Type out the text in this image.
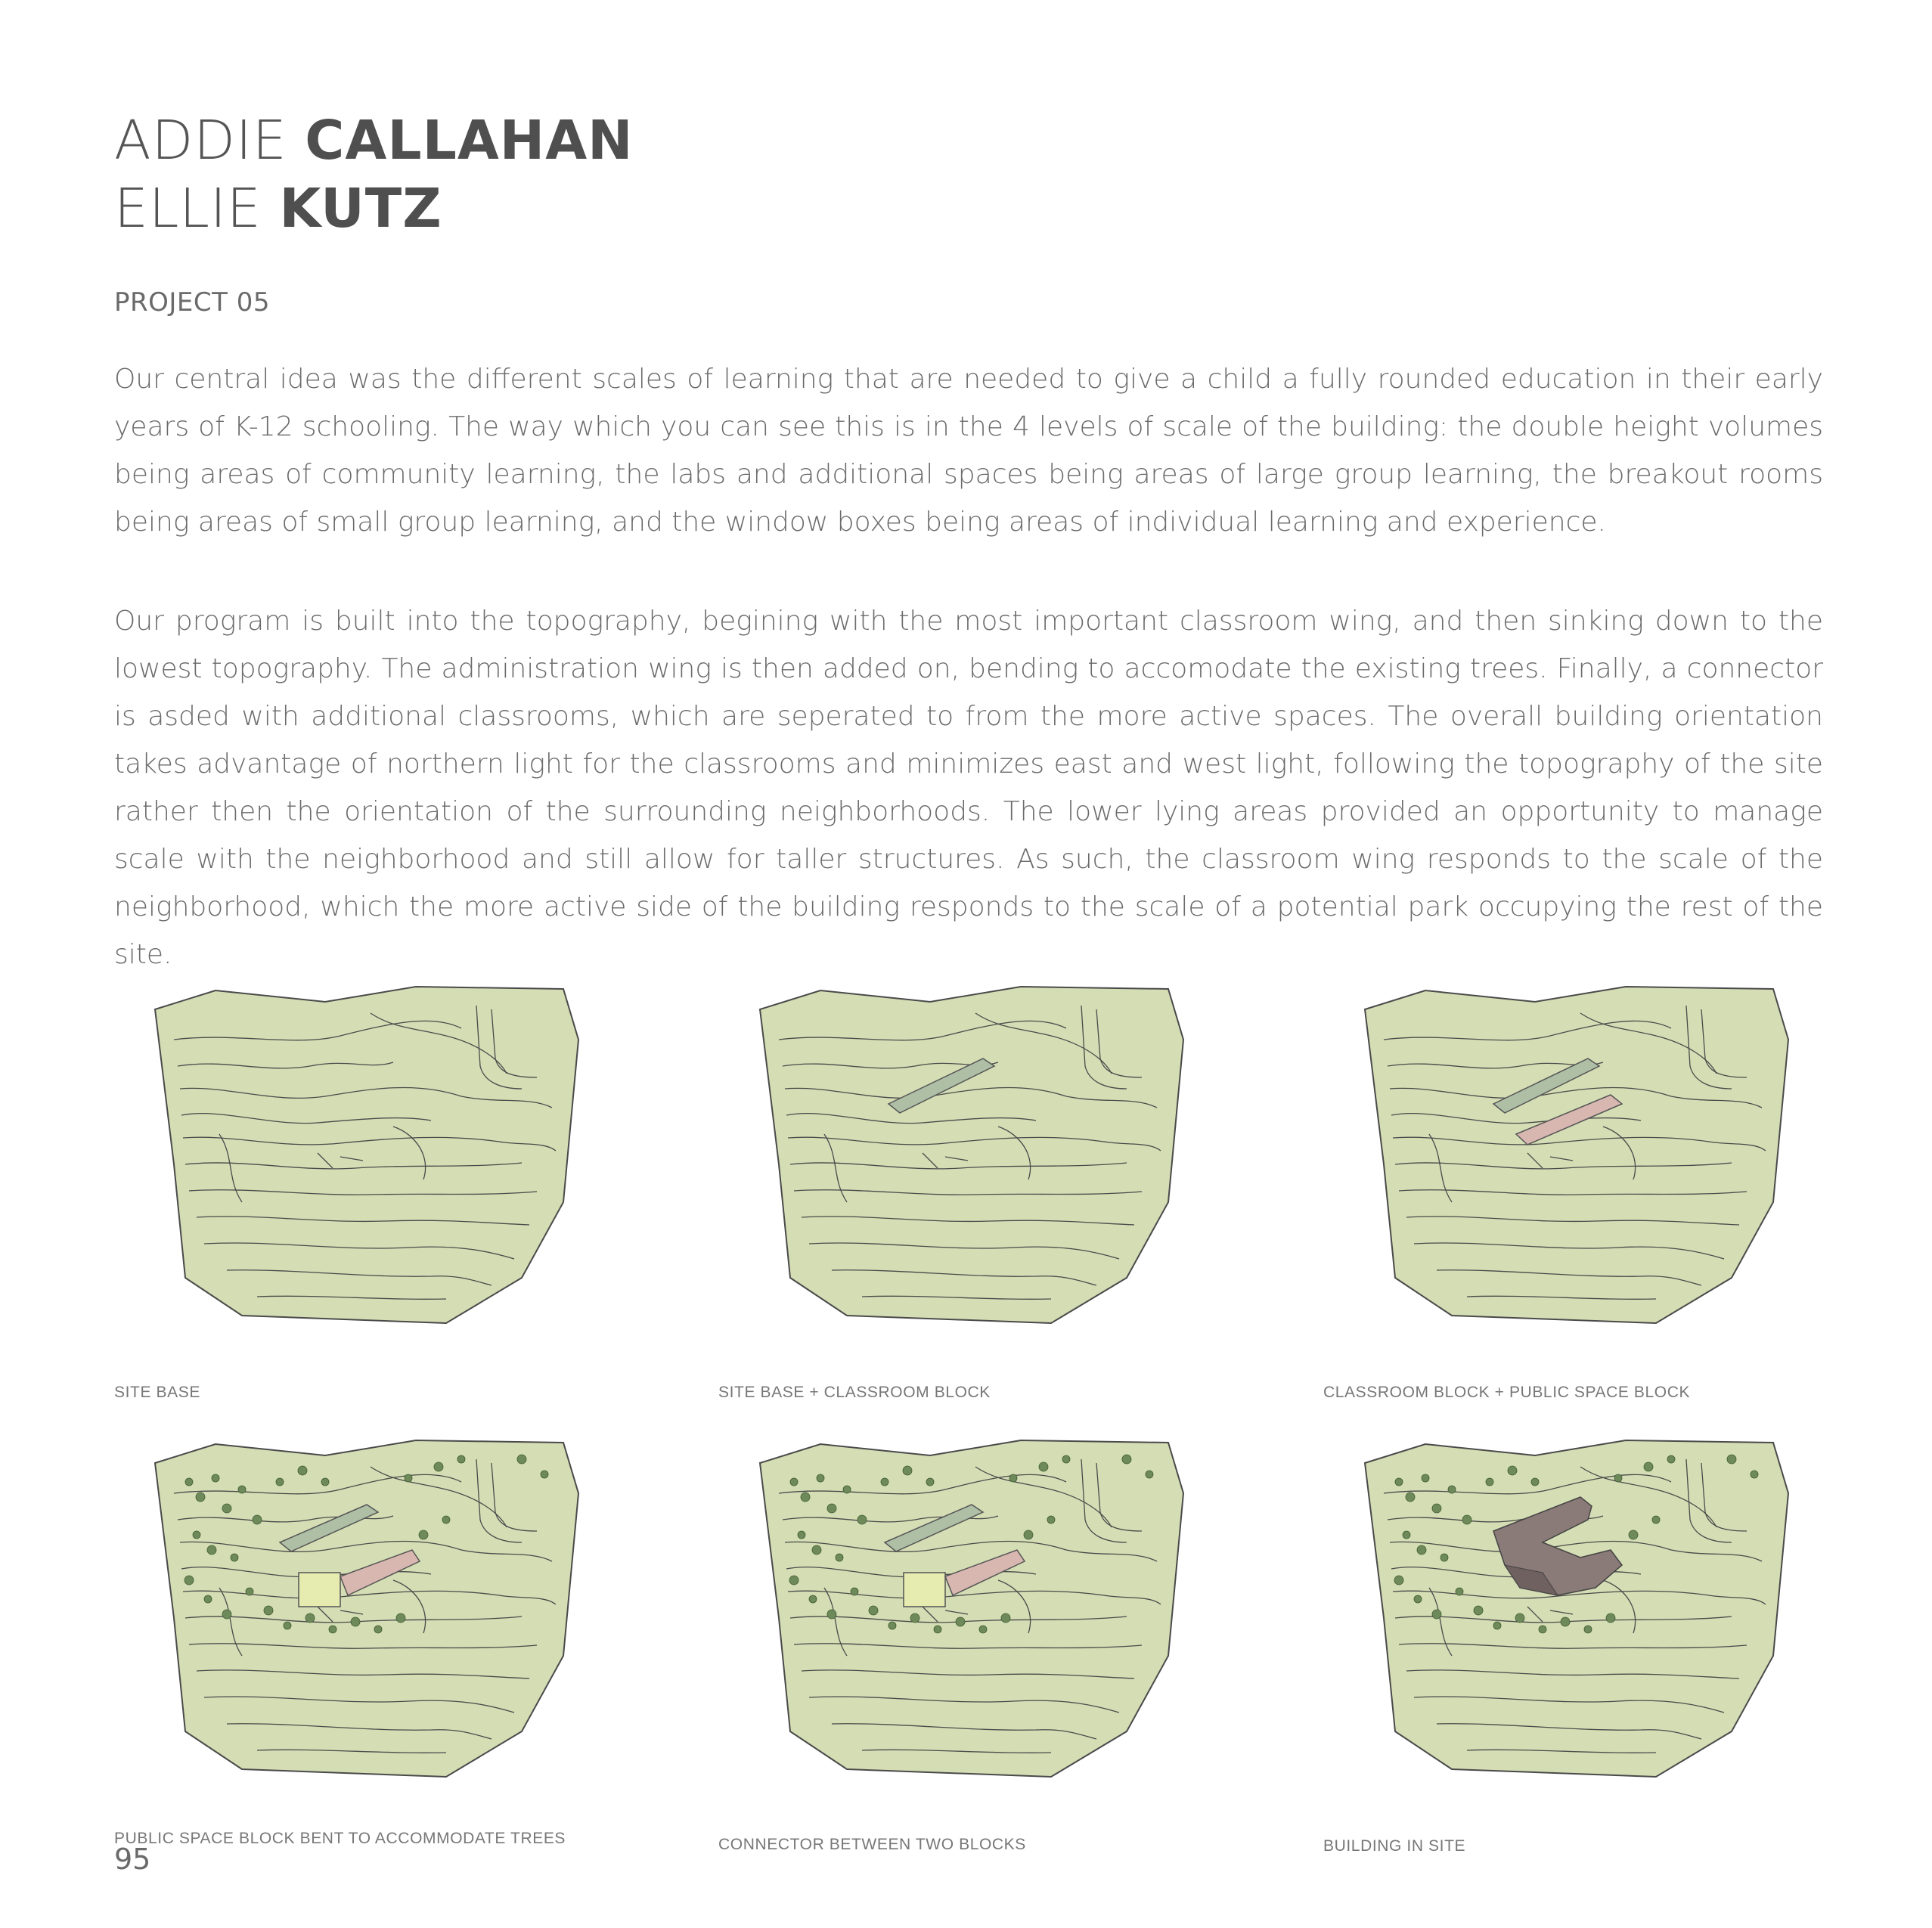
ADDIE CALLAHAN
ELLIE KUTZ
PROJECT 05

Our central idea was the different scales of learning that are needed to give a child a fully rounded education in their early years of K-12 schooling. The way which you can see this is in the 4 levels of scale of the building: the double height volumes being areas of community learning, the labs and additional spaces being areas of large group learning, the breakout rooms being areas of small group learning, and the window boxes being areas of individual learning and experience.

Our program is built into the topography, begining with the most important classroom wing, and then sinking down to the lowest topography. The administration wing is then added on, bending to accomodate the existing trees. Finally, a connector is asded with additional classrooms, which are seperated to from the more active spaces. The overall building orientation takes advantage of northern light for the classrooms and minimizes east and west light, following the topography of the site rather then the orientation of the surrounding neighborhoods. The lower lying areas provided an opportunity to manage scale with the neighborhood and still allow for taller structures. As such, the classroom wing responds to the scale of the neighborhood, which the more active side of the building responds to the scale of a potential park occupying the rest of the site.

SITE BASE	SITE BASE + CLASSROOM BLOCK	CLASSROOM BLOCK + PUBLIC SPACE BLOCK
PUBLIC SPACE BLOCK BENT TO ACCOMMODATE TREES	CONNECTOR BETWEEN TWO BLOCKS	BUILDING IN SITE
95
